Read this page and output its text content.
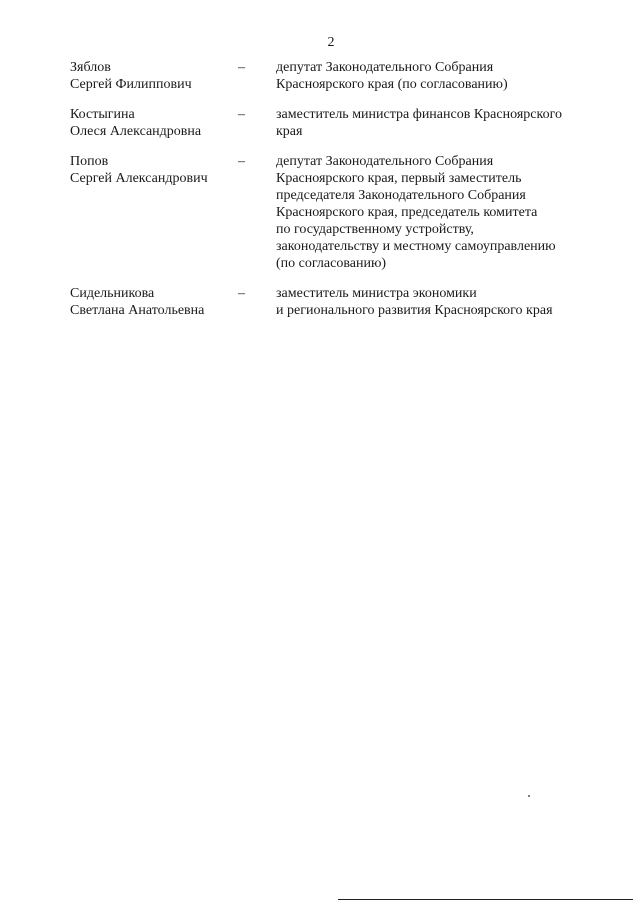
2
Зяблов
Сергей Филиппович
–	депутат Законодательного Собрания
Красноярского края (по согласованию)
Костыгина
Олеся Александровна
–	заместитель министра финансов Красноярского
края
Попов
Сергей Александрович
–	депутат Законодательного Собрания
Красноярского края, первый заместитель
председателя Законодательного Собрания
Красноярского края, председатель комитета
по государственному устройству,
законодательству и местному самоуправлению
(по согласованию)
Сидельникова
Светлана Анатольевна
–	заместитель министра экономики
и регионального развития Красноярского края
